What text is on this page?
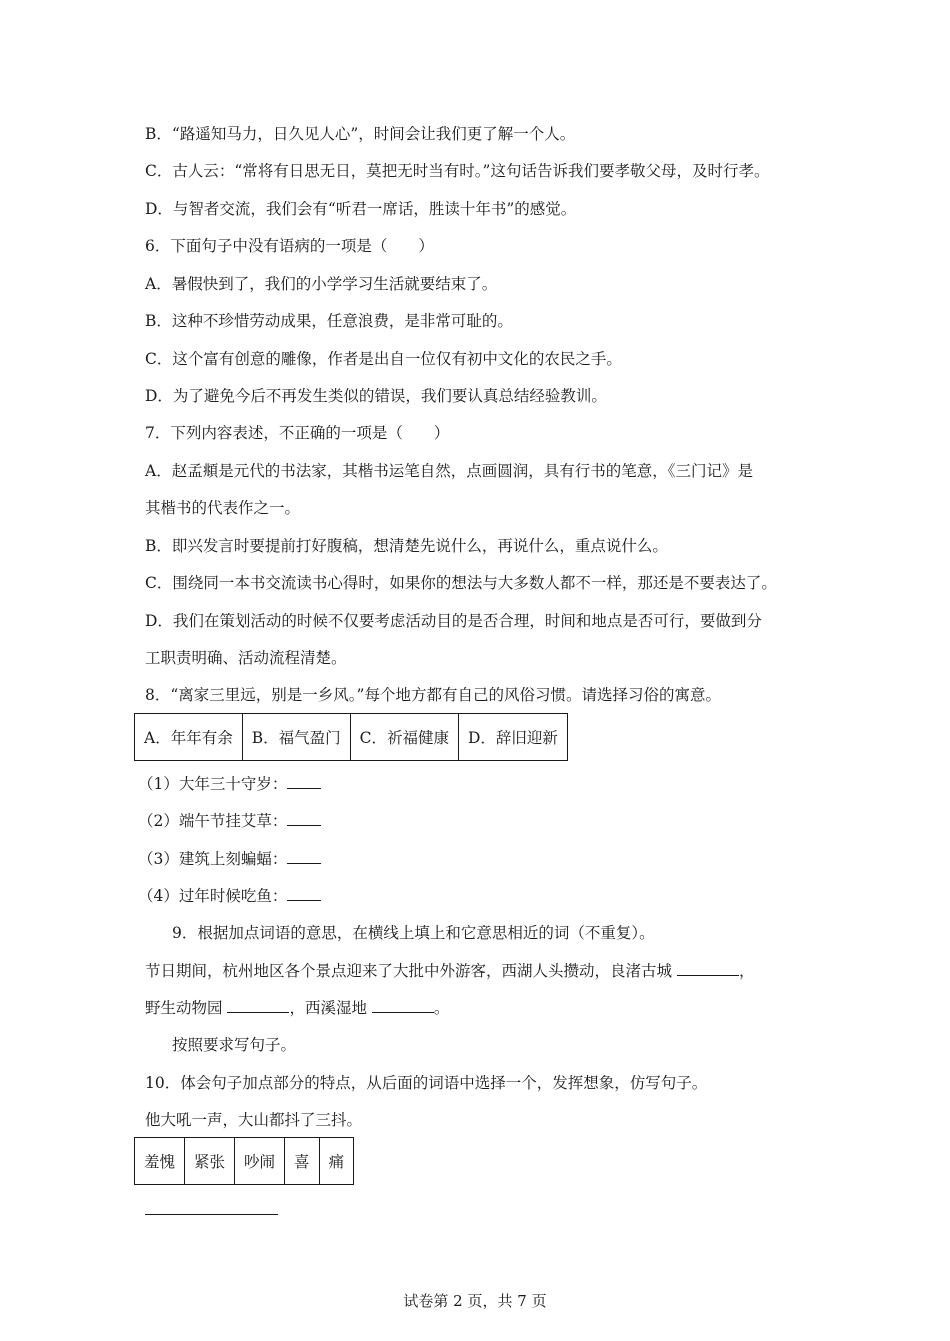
B．“路遥知马力，日久见人心”，时间会让我们更了解一个人。
C．古人云：“常将有日思无日，莫把无时当有时。”这句话告诉我们要孝敬父母，及时行孝。
D．与智者交流，我们会有“听君一席话，胜读十年书”的感觉。
6．下面句子中没有语病的一项是（　　）
A．暑假快到了，我们的小学学习生活就要结束了。
B．这种不珍惜劳动成果，任意浪费，是非常可耻的。
C．这个富有创意的雕像，作者是出自一位仅有初中文化的农民之手。
D．为了避免今后不再发生类似的错误，我们要认真总结经验教训。
7．下列内容表述，不正确的一项是（　　）
A．赵孟頫是元代的书法家，其楷书运笔自然，点画圆润，具有行书的笔意，《三门记》是
其楷书的代表作之一。
B．即兴发言时要提前打好腹稿，想清楚先说什么，再说什么，重点说什么。
C．围绕同一本书交流读书心得时，如果你的想法与大多数人都不一样，那还是不要表达了。
D．我们在策划活动的时候不仅要考虑活动目的是否合理，时间和地点是否可行，要做到分
工职责明确、活动流程清楚。
8．“离家三里远，别是一乡风。”每个地方都有自己的风俗习惯。请选择习俗的寓意。
A．年年有余	B．福气盈门	C．祈福健康	D．辞旧迎新
（1）大年三十守岁：
（2）端午节挂艾草：
（3）建筑上刻蝙蝠：
（4）过年时候吃鱼：
9．根据加点词语的意思，在横线上填上和它意思相近的词（不重复）。
节日期间，杭州地区各个景点迎来了大批中外游客，西湖人头攒动，良渚古城	，
野生动物园	，西溪湿地	。
按照要求写句子。
10．体会句子加点部分的特点，从后面的词语中选择一个，发挥想象，仿写句子。
他大吼一声，大山都抖了三抖。
羞愧	紧张	吵闹	喜	痛
试卷第 2 页，共 7 页
